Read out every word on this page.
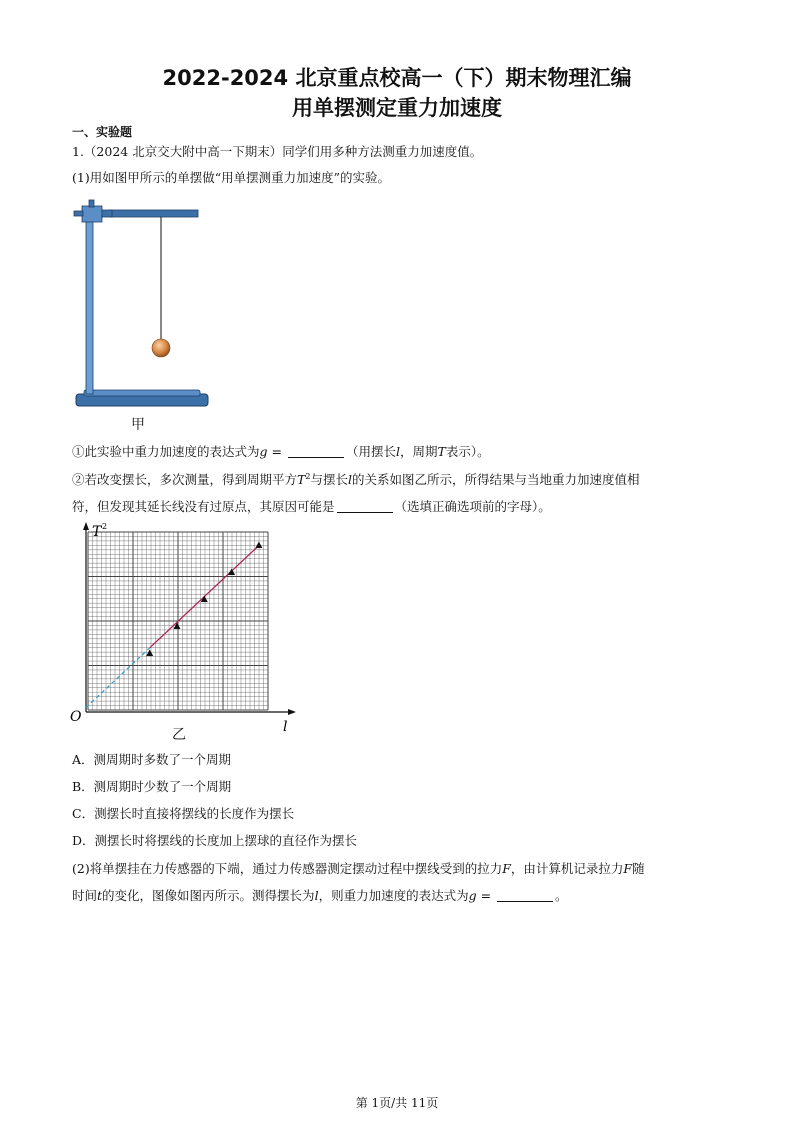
2022-2024 北京重点校高一（下）期末物理汇编
用单摆测定重力加速度
一、实验题
1.（2024 北京交大附中高一下期末）同学们用多种方法测重力加速度值。
(1)用如图甲所示的单摆做“用单摆测重力加速度”的实验。
甲
①此实验中重力加速度的表达式为g =	（用摆长l，周期T表示）。
②若改变摆长，多次测量，得到周期平方$T^2$与摆长l的关系如图乙所示，所得结果与当地重力加速度值相
符，但发现其延长线没有过原点，其原因可能是	（选填正确选项前的字母）。
T 2
O
l
乙
A．测周期时多数了一个周期
B．测周期时少数了一个周期
C．测摆长时直接将摆线的长度作为摆长
D．测摆长时将摆线的长度加上摆球的直径作为摆长
(2)将单摆挂在力传感器的下端，通过力传感器测定摆动过程中摆线受到的拉力F，由计算机记录拉力F随
时间t的变化，图像如图丙所示。测得摆长为l，则重力加速度的表达式为g =	。
第 1页/共 11页
